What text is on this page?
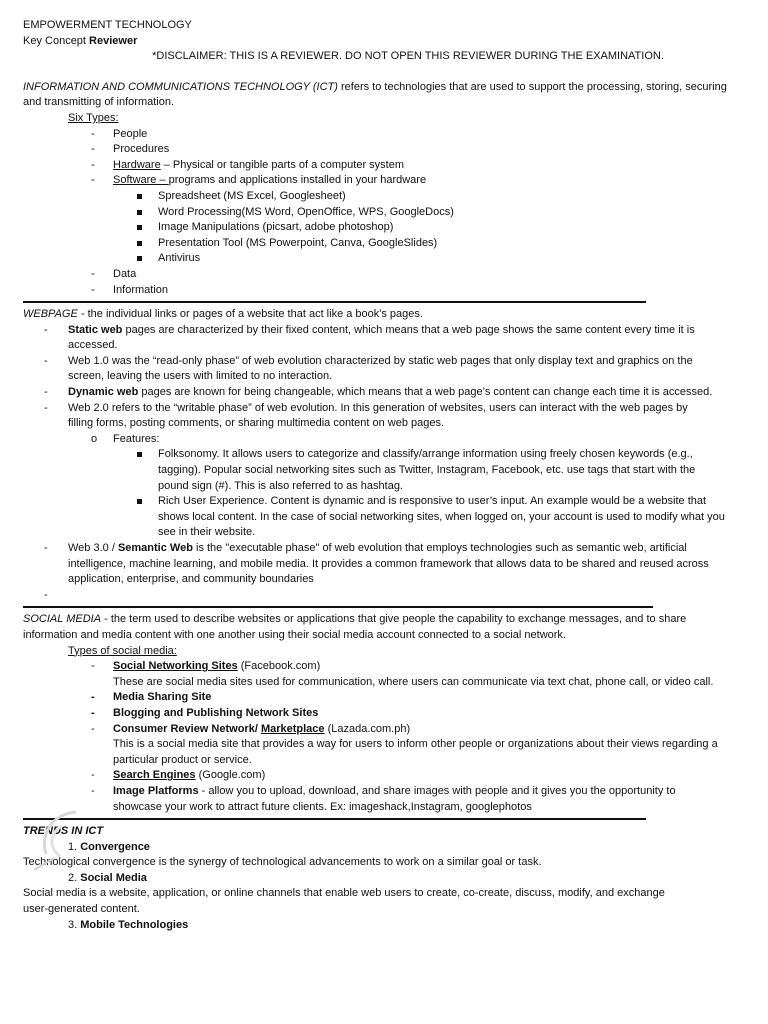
EMPOWERMENT TECHNOLOGY
Key Concept Reviewer
*DISCLAIMER: THIS IS A REVIEWER. DO NOT OPEN THIS REVIEWER DURING THE EXAMINATION.
INFORMATION AND COMMUNICATIONS TECHNOLOGY (ICT) refers to technologies that are used to support the processing, storing, securing
and transmitting of information.
Six Types:
- People
- Procedures
- Hardware – Physical or tangible parts of a computer system
- Software – programs and applications installed in your hardware
Spreadsheet (MS Excel, Googlesheet)
Word Processing(MS Word, OpenOffice, WPS, GoogleDocs)
Image Manipulations (picsart, adobe photoshop)
Presentation Tool (MS Powerpoint, Canva, GoogleSlides)
Antivirus
- Data
- Information
WEBPAGE - the individual links or pages of a website that act like a book's pages.
- Static web pages are characterized by their fixed content, which means that a web page shows the same content every time it is
accessed.
- Web 1.0 was the “read-only phase” of web evolution characterized by static web pages that only display text and graphics on the
screen, leaving the users with limited to no interaction.
- Dynamic web pages are known for being changeable, which means that a web page’s content can change each time it is accessed.
- Web 2.0 refers to the “writable phase” of web evolution. In this generation of websites, users can interact with the web pages by
filling forms, posting comments, or sharing multimedia content on web pages.
o Features:
Folksonomy. It allows users to categorize and classify/arrange information using freely chosen keywords (e.g.,
tagging). Popular social networking sites such as Twitter, Instagram, Facebook, etc. use tags that start with the
pound sign (#). This is also referred to as hashtag.
Rich User Experience. Content is dynamic and is responsive to user’s input. An example would be a website that
shows local content. In the case of social networking sites, when logged on, your account is used to modify what you
see in their website.
- Web 3.0 / Semantic Web is the "executable phase" of web evolution that employs technologies such as semantic web, artificial
intelligence, machine learning, and mobile media. It provides a common framework that allows data to be shared and reused across
application, enterprise, and community boundaries
-
SOCIAL MEDIA - the term used to describe websites or applications that give people the capability to exchange messages, and to share
information and media content with one another using their social media account connected to a social network.
Types of social media:
- Social Networking Sites (Facebook.com)
These are social media sites used for communication, where users can communicate via text chat, phone call, or video call.
- Media Sharing Site
- Blogging and Publishing Network Sites
- Consumer Review Network/ Marketplace (Lazada.com.ph)
This is a social media site that provides a way for users to inform other people or organizations about their views regarding a
particular product or service.
- Search Engines (Google.com)
- Image Platforms - allow you to upload, download, and share images with people and it gives you the opportunity to
showcase your work to attract future clients. Ex: imageshack,Instagram, googlephotos
TRENDS IN ICT
1. Convergence
Technological convergence is the synergy of technological advancements to work on a similar goal or task.
2. Social Media
Social media is a website, application, or online channels that enable web users to create, co-create, discuss, modify, and exchange
user-generated content.
3. Mobile Technologies
